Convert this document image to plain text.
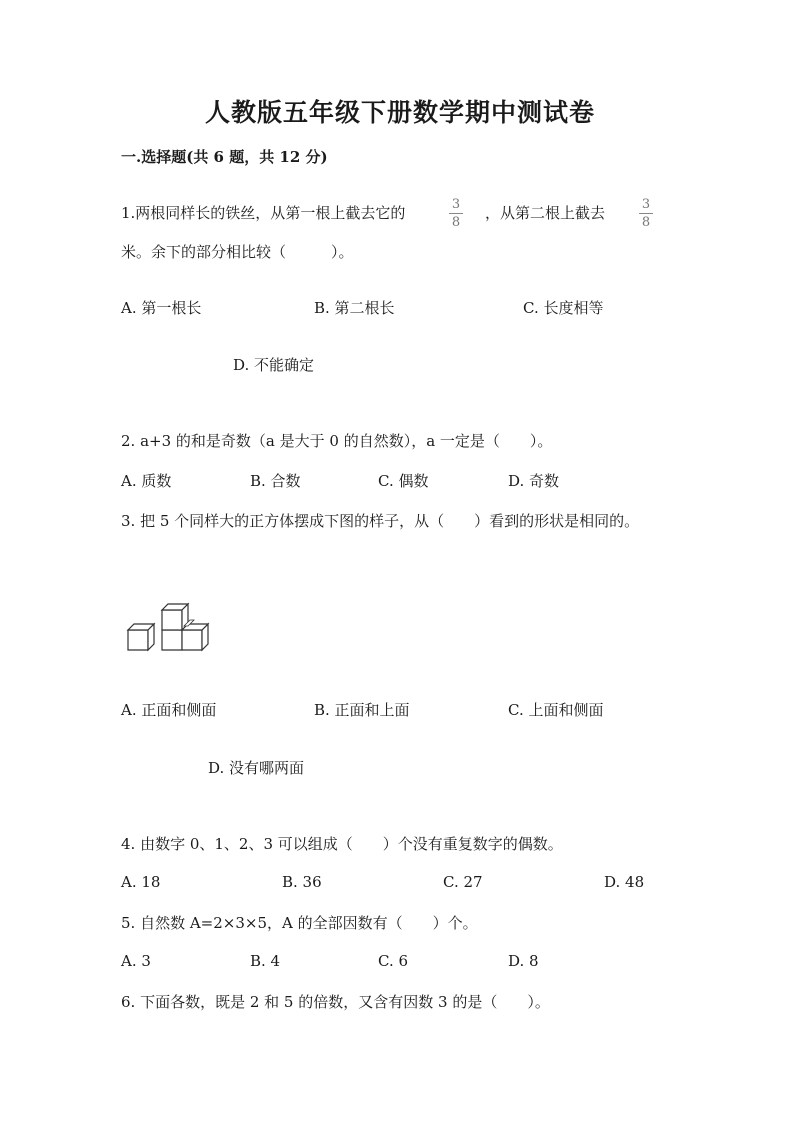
人教版五年级下册数学期中测试卷
一.选择题(共 6 题，共 12 分)
1.两根同样长的铁丝，从第一根上截去它的	3
8
，从第二根上截去	3
8
米。余下的部分相比较（　　　）。
A. 第一根长	B. 第二根长	C. 长度相等
D. 不能确定
2. a+3 的和是奇数（a 是大于 0 的自然数），a 一定是（　　）。
A. 质数	B. 合数	C. 偶数	D. 奇数
3. 把 5 个同样大的正方体摆成下图的样子，从（　　）看到的形状是相同的。
A. 正面和侧面	B. 正面和上面	C. 上面和侧面
D. 没有哪两面
4. 由数字 0、1、2、3 可以组成（　　）个没有重复数字的偶数。
A. 18	B. 36	C. 27	D. 48
5. 自然数 A=2×3×5，A 的全部因数有（　　）个。
A. 3	B. 4	C. 6	D. 8
6. 下面各数，既是 2 和 5 的倍数，又含有因数 3 的是（　　）。
